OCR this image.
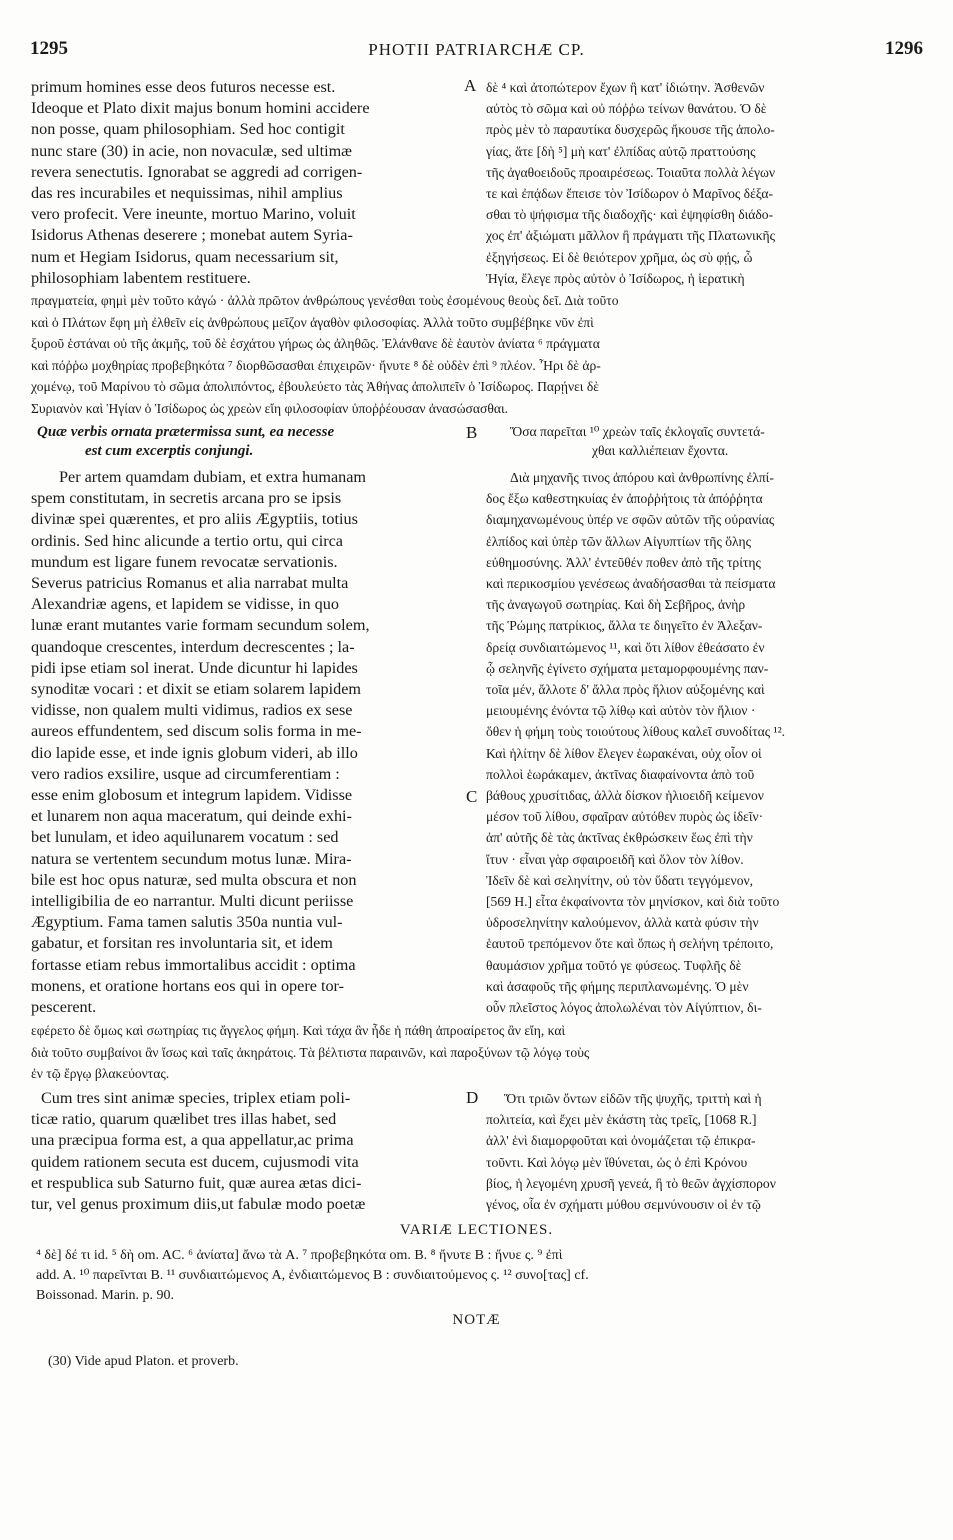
1295	PHOTII PATRIARCHÆ CP.	1296
primum homines esse deos futuros necesse est.
Ideoque et Plato dixit majus bonum homini accidere
non posse, quam philosophiam. Sed hoc contigit
nunc stare (30) in acie, non novaculæ, sed ultimæ
revera senectutis. Ignorabat se aggredi ad corrigen-
das res incurabiles et nequissimas, nihil amplius
vero profecit. Vere ineunte, mortuo Marino, voluit
Isidorus Athenas deserere ; monebat autem Syria-
num et Hegiam Isidorus, quam necessarium sit,
philosophiam labentem restituere.
A δὲ ⁴ καὶ ἀτοπώτερον ἔχων ἢ κατ' ἰδιώτην. Ἀσθενῶν
αὐτὸς τὸ σῶμα καὶ οὐ πόῤῥω τείνων θανάτου. Ὁ δὲ
πρὸς μὲν τὸ παραυτίκα δυσχερῶς ἤκουσε τῆς ἀπολο-
γίας, ἅτε [δὴ ⁵] μὴ κατ' ἐλπίδας αὐτῷ πραττούσης
τῆς ἀγαθοειδοῦς προαιρέσεως. Τοιαῦτα πολλὰ λέγων
τε καὶ ἐπᾴδων ἔπεισε τὸν Ἰσίδωρον ὁ Μαρῖνος δέξα-
σθαι τὸ ψήφισμα τῆς διαδοχῆς· καὶ ἐψηφίσθη διάδο-
χος ἐπ' ἀξιώματι μᾶλλον ἢ πράγματι τῆς Πλατωνικῆς
ἐξηγήσεως. Εἰ δὲ θειότερον χρῆμα, ὡς σὺ φῄς, ὦ
Ἡγία, ἔλεγε πρὸς αὐτὸν ὁ Ἰσίδωρος, ἡ ἱερατικὴ
πραγματεία, φημὶ μὲν τοῦτο κἀγώ · ἀλλὰ πρῶτον ἀνθρώπους γενέσθαι τοὺς ἐσομένους θεοὺς δεῖ. Διὰ τοῦτο
καὶ ὁ Πλάτων ἔφη μὴ ἐλθεῖν εἰς ἀνθρώπους μεῖζον ἀγαθὸν φιλοσοφίας. Ἀλλὰ τοῦτο συμβέβηκε νῦν ἐπὶ
ξυροῦ ἑστάναι οὐ τῆς ἀκμῆς, τοῦ δὲ ἐσχάτου γήρως ὡς ἀληθῶς. Ἐλάνθανε δὲ ἑαυτὸν ἀνίατα ⁶ πράγματα
καὶ πόῤῥω μοχθηρίας προβεβηκότα ⁷ διορθῶσασθαι ἐπιχειρῶν· ἤνυτε ⁸ δὲ οὐδὲν ἐπὶ ⁹ πλέον. Ἦρι δὲ ἀρ-
χομένῳ, τοῦ Μαρίνου τὸ σῶμα ἀπολιπόντος, ἐβουλεύετο τὰς Ἀθήνας ἀπολιπεῖν ὁ Ἰσίδωρος. Παρῄνει δὲ
Συριανὸν καὶ Ἡγίαν ὁ Ἰσίδωρος ὡς χρεὼν εἴη φιλοσοφίαν ὑποῤῥέουσαν ἀνασώσασθαι.
Quæ verbis ornata prætermissa sunt, ea necesse
est cum excerptis conjungi.
B	Ὅσα παρεῖται ¹⁰ χρεὼν ταῖς ἐκλογαῖς συντετά-
χθαι καλλιέπειαν ἔχοντα.
Per artem quamdam dubiam, et extra humanam
spem constitutam, in secretis arcana pro se ipsis
divinæ spei quærentes, et pro aliis Ægyptiis, totius
ordinis. Sed hinc alicunde a tertio ortu, qui circa
mundum est ligare funem revocatæ servationis.
Severus patricius Romanus et alia narrabat multa
Alexandriæ agens, et lapidem se vidisse, in quo
lunæ erant mutantes varie formam secundum solem,
quandoque crescentes, interdum decrescentes ; la-
pidi ipse etiam sol inerat. Unde dicuntur hi lapides
synoditæ vocari : et dixit se etiam solarem lapidem
vidisse, non qualem multi vidimus, radios ex sese
aureos effundentem, sed discum solis forma in me-
dio lapide esse, et inde ignis globum videri, ab illo
vero radios exsilire, usque ad circumferentiam :
esse enim globosum et integrum lapidem. Vidisse
et lunarem non aqua maceratum, qui deinde exhi-
bet lunulam, et ideo aquilunarem vocatum : sed
natura se vertentem secundum motus lunæ. Mira-
bile est hoc opus naturæ, sed multa obscura et non
intelligibilia de eo narrantur. Multi dicunt periisse
Ægyptium. Fama tamen salutis 350a nuntia vul-
gabatur, et forsitan res involuntaria sit, et idem
fortasse etiam rebus immortalibus accidit : optima
monens, et oratione hortans eos qui in opere tor-
pescerent.
C
Διὰ μηχανῆς τινος ἀπόρου καὶ ἀνθρωπίνης ἐλπί-
δος ἔξω καθεστηκυίας ἐν ἀποῤῥήτοις τὰ ἀπόῤῥητα
διαμηχανωμένους ὑπέρ νε σφῶν αὐτῶν τῆς οὐρανίας
ἐλπίδος καὶ ὑπὲρ τῶν ἄλλων Αἰγυπτίων τῆς ὅλης
εὐθημοσύνης. Ἀλλ' ἐντεῦθέν ποθεν ἀπὸ τῆς τρίτης
καὶ περικοσμίου γενέσεως ἀναδήσασθαι τὰ πείσματα
τῆς ἀναγωγοῦ σωτηρίας. Καὶ δὴ Σεβῆρος, ἀνὴρ
τῆς Ῥώμης πατρίκιος, ἄλλα τε διηγεῖτο ἐν Ἀλεξαν-
δρείᾳ συνδιαιτώμενος ¹¹, καὶ ὅτι λίθον ἐθεάσατο ἐν
ᾧ σεληνῆς ἐγίνετο σχήματα μεταμορφουμένης παν-
τοῖα μέν, ἄλλοτε δ' ἄλλα πρὸς ἥλιον αὐξομένης καὶ
μειουμένης ἐνόντα τῷ λίθῳ καὶ αὐτὸν τὸν ἥλιον ·
ὅθεν ἡ φήμη τοὺς τοιούτους λίθους καλεῖ συνοδίτας ¹².
Καὶ ἡλίτην δὲ λίθον ἔλεγεν ἑωρακέναι, οὐχ οἷον οἱ
πολλοὶ ἑωράκαμεν, ἀκτῖνας διαφαίνοντα ἀπὸ τοῦ
βάθους χρυσίτιδας, ἀλλὰ δίσκον ἡλιοειδῆ κείμενον
μέσον τοῦ λίθου, σφαῖραν αὐτόθεν πυρὸς ὡς ἰδεῖν·
ἀπ' αὐτῆς δὲ τὰς ἀκτῖνας ἐκθρώσκειν ἕως ἐπὶ τὴν
ἴτυν · εἶναι γὰρ σφαιροειδῆ καὶ ὅλον τὸν λίθον.
Ἰδεῖν δὲ καὶ σεληνίτην, οὐ τὸν ὕδατι τεγγόμενον,
[569 H.] εἶτα ἐκφαίνοντα τὸν μηνίσκον, καὶ διὰ τοῦτο
ὑδροσεληνίτην καλούμενον, ἀλλὰ κατὰ φύσιν τὴν
ἑαυτοῦ τρεπόμενον ὅτε καὶ ὅπως ἡ σελήνη τρέποιτο,
θαυμάσιον χρῆμα τοῦτό γε φύσεως. Τυφλῆς δὲ
καὶ ἀσαφοῦς τῆς φήμης περιπλανωμένης. Ὁ μὲν
οὖν πλεῖστος λόγος ἀπολωλέναι τὸν Αἰγύπτιον, δι-
εφέρετο δὲ ὅμως καὶ σωτηρίας τις ἄγγελος φήμη. Καὶ τάχα ἂν ἦδε ἡ πάθη ἀπροαίρετος ἂν εἴη, καὶ
διὰ τοῦτο συμβαίνοι ἂν ἴσως καὶ ταῖς ἀκηράτοις. Τὰ βέλτιστα παραινῶν, καὶ παροξύνων τῷ λόγῳ τοὺς
ἐν τῷ ἔργῳ βλακεύοντας.
Cum tres sint animæ species, triplex etiam poli-
ticæ ratio, quarum quælibet tres illas habet, sed
una præcipua forma est, a qua appellatur,ac prima
quidem rationem secuta est ducem, cujusmodi vita
et respublica sub Saturno fuit, quæ aurea ætas dici-
tur, vel genus proximum diis,ut fabulæ modo poetæ
D	Ὅτι τριῶν ὄντων εἰδῶν τῆς ψυχῆς, τριττὴ καὶ ἡ
πολιτεία, καὶ ἔχει μὲν ἑκάστη τὰς τρεῖς, [1068 R.]
ἀλλ' ἑνὶ διαμορφοῦται καὶ ὀνομάζεται τῷ ἐπικρα-
τοῦντι. Καὶ λόγῳ μὲν ἴθύνεται, ὡς ὁ ἐπὶ Κρόνου
βίος, ἡ λεγομένη χρυσῆ γενεά, ἢ τὸ θεῶν ἀγχίσπορον
γένος, οἷα ἐν σχήματι μύθου σεμνύνουσιν οἱ ἐν τῷ
VARIÆ LECTIONES.
⁴ δὲ] δέ τι id. ⁵ δὴ om. AC. ⁶ ἀνίατα] ἄνω τὰ A. ⁷ προβεβηκότα om. B. ⁸ ἤνυτε B : ἤνυε ς. ⁹ ἐπὶ
add. A. ¹⁰ παρεῖνται B. ¹¹ συνδιαιτώμενος A, ἐνδιαιτώμενος B : συνδιαιτούμενος ς. ¹² συνο[τας] cf.
Boissonad. Marin. p. 90.
NOTÆ
(30) Vide apud Platon. et proverb.
